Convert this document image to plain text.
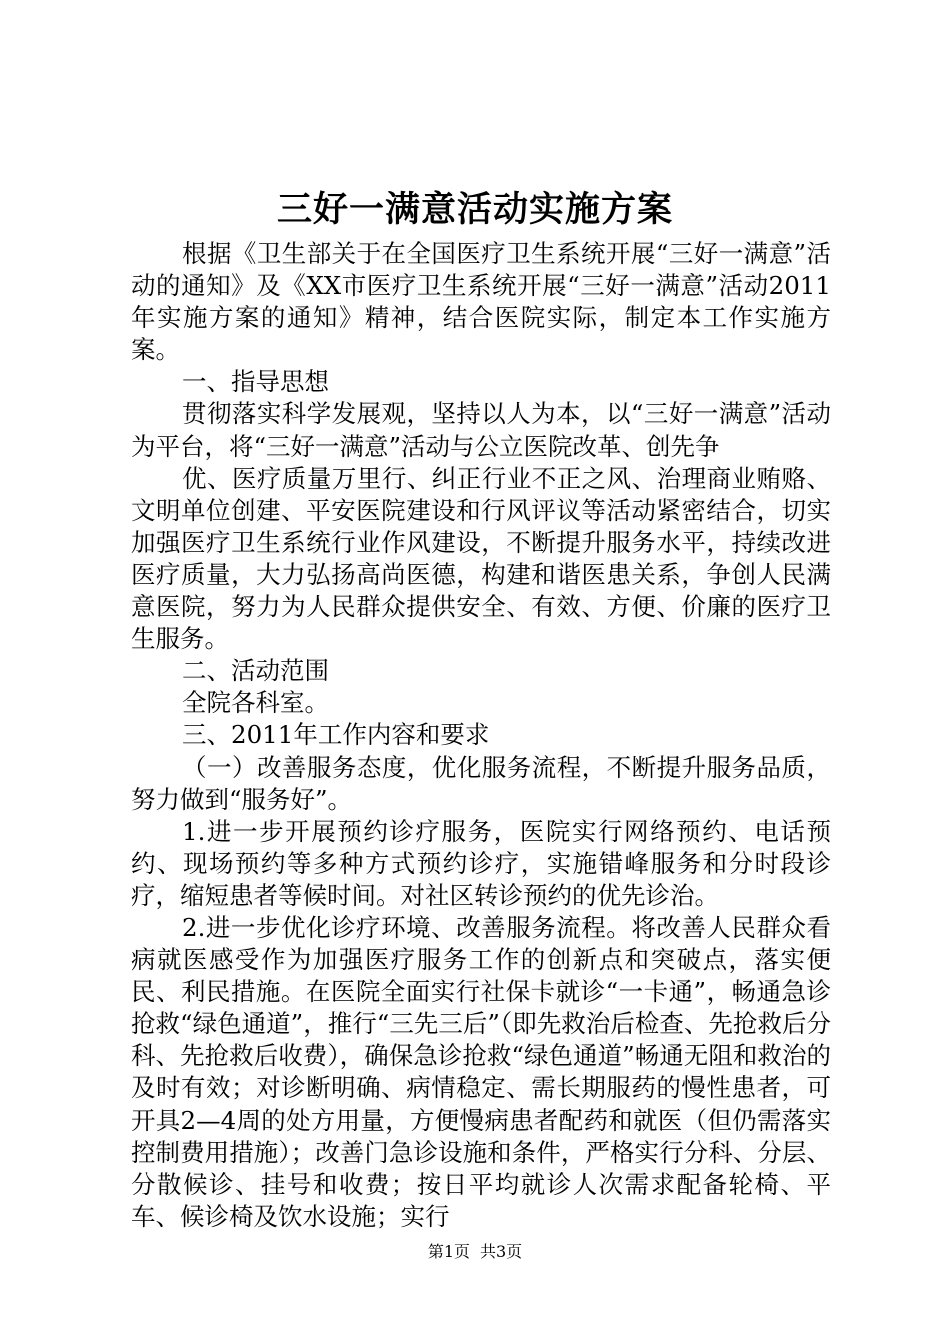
三好一满意活动实施方案

根据《卫生部关于在全国医疗卫生系统开展“三好一满意”活动的通知》及《XX市医疗卫生系统开展“三好一满意”活动2011年实施方案的通知》精神，结合医院实际，制定本工作实施方案。

一、指导思想

贯彻落实科学发展观，坚持以人为本，以“三好一满意”活动为平台，将“三好一满意”活动与公立医院改革、创先争

优、医疗质量万里行、纠正行业不正之风、治理商业贿赂、文明单位创建、平安医院建设和行风评议等活动紧密结合，切实加强医疗卫生系统行业作风建设，不断提升服务水平，持续改进医疗质量，大力弘扬高尚医德，构建和谐医患关系，争创人民满意医院，努力为人民群众提供安全、有效、方便、价廉的医疗卫生服务。

二、活动范围

全院各科室。

三、2011年工作内容和要求

（一）改善服务态度，优化服务流程，不断提升服务品质，努力做到“服务好”。

1.进一步开展预约诊疗服务，医院实行网络预约、电话预约、现场预约等多种方式预约诊疗，实施错峰服务和分时段诊疗，缩短患者等候时间。对社区转诊预约的优先诊治。

2.进一步优化诊疗环境、改善服务流程。将改善人民群众看病就医感受作为加强医疗服务工作的创新点和突破点，落实便民、利民措施。在医院全面实行社保卡就诊“一卡通”，畅通急诊抢救“绿色通道”，推行“三先三后”（即先救治后检查、先抢救后分科、先抢救后收费），确保急诊抢救“绿色通道”畅通无阻和救治的及时有效；对诊断明确、病情稳定、需长期服药的慢性患者，可开具2—4周的处方用量，方便慢病患者配药和就医（但仍需落实控制费用措施）；改善门急诊设施和条件，严格实行分科、分层、分散候诊、挂号和收费；按日平均就诊人次需求配备轮椅、平车、候诊椅及饮水设施；实行

第1页 共3页
